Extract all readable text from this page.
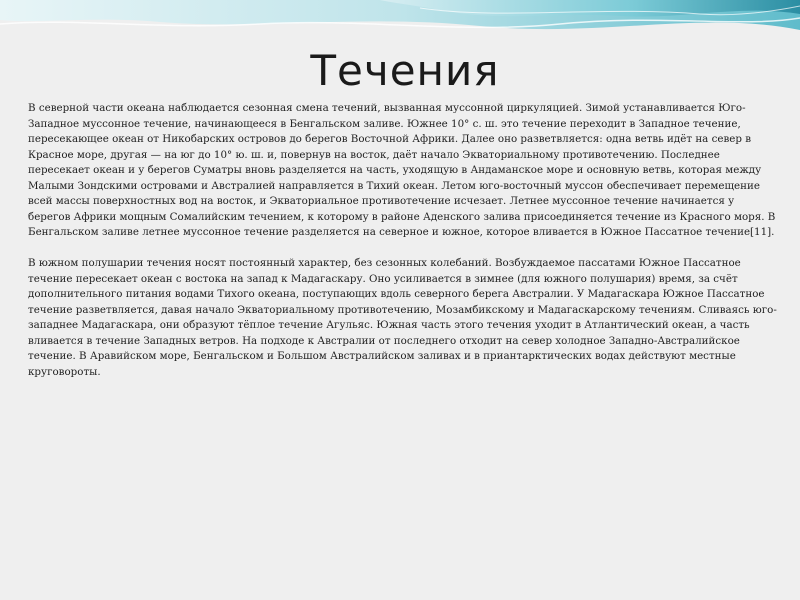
Течения

В северной части океана наблюдается сезонная смена течений, вызванная муссонной циркуляцией. Зимой устанавливается Юго-Западное муссонное течение, начинающееся в Бенгальском заливе. Южнее 10° с. ш. это течение переходит в Западное течение, пересекающее океан от Никобарских островов до берегов Восточной Африки. Далее оно разветвляется: одна ветвь идёт на север в Красное море, другая — на юг до 10° ю. ш. и, повернув на восток, даёт начало Экваториальному противотечению. Последнее пересекает океан и у берегов Суматры вновь разделяется на часть, уходящую в Андаманское море и основную ветвь, которая между Малыми Зондскими островами и Австралией направляется в Тихий океан. Летом юго-восточный муссон обеспечивает перемещение всей массы поверхностных вод на восток, и Экваториальное противотечение исчезает. Летнее муссонное течение начинается у берегов Африки мощным Сомалийским течением, к которому в районе Аденского залива присоединяется течение из Красного моря. В Бенгальском заливе летнее муссонное течение разделяется на северное и южное, которое вливается в Южное Пассатное течение[11].

В южном полушарии течения носят постоянный характер, без сезонных колебаний. Возбуждаемое пассатами Южное Пассатное течение пересекает океан с востока на запад к Мадагаскару. Оно усиливается в зимнее (для южного полушария) время, за счёт дополнительного питания водами Тихого океана, поступающих вдоль северного берега Австралии. У Мадагаскара Южное Пассатное течение разветвляется, давая начало Экваториальному противотечению, Мозамбикскому и Мадагаскарскому течениям. Сливаясь юго-западнее Мадагаскара, они образуют тёплое течение Агульяс. Южная часть этого течения уходит в Атлантический океан, а часть вливается в течение Западных ветров. На подходе к Австралии от последнего отходит на север холодное Западно-Австралийское течение. В Аравийском море, Бенгальском и Большом Австралийском заливах и в приантарктических водах действуют местные круговороты.
